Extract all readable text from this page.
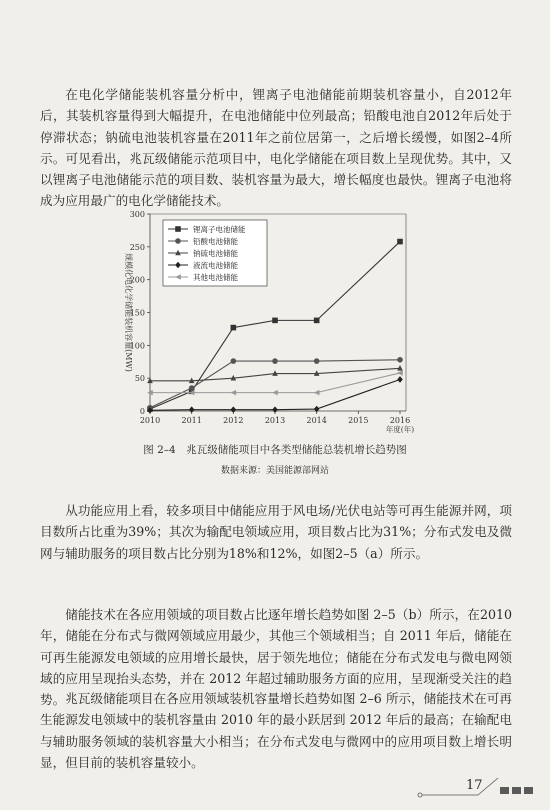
在电化学储能装机容量分析中，锂离子电池储能前期装机容量小，自2012年后，其装机容量得到大幅提升，在电池储能中位列最高；铅酸电池自2012年后处于停滞状态；钠硫电池装机容量在2011年之前位居第一，之后增长缓慢，如图2–4所示。可见看出，兆瓦级储能示范项目中，电化学储能在项目数上呈现优势。其中，又以锂离子电池储能示范的项目数、装机容量为最大，增长幅度也最快。锂离子电池将成为应用最广的电化学储能技术。

0
50
100
150
200
250
300
2010	2011	2012	2013	2014	2015	2016
年度(年)
规模化电化学储能装机容量(MW)
锂离子电池储能
铅酸电池储能
钠硫电池储能
液流电池储能
其他电池储能
图 2–4　兆瓦级储能项目中各类型储能总装机增长趋势图
数据来源：美国能源部网站

从功能应用上看，较多项目中储能应用于风电场/光伏电站等可再生能源并网，项目数所占比重为39%；其次为输配电领域应用，项目数占比为31%；分布式发电及微网与辅助服务的项目数占比分别为18%和12%，如图2–5（a）所示。

储能技术在各应用领域的项目数占比逐年增长趋势如图 2–5（b）所示，在2010 年，储能在分布式与微网领域应用最少，其他三个领域相当；自 2011 年后，储能在可再生能源发电领域的应用增长最快，居于领先地位；储能在分布式发电与微电网领域的应用呈现抬头态势，并在 2012 年超过辅助服务方面的应用，呈现渐受关注的趋势。 兆瓦级储能项目在各应用领域装机容量增长趋势如图 2–6 所示，储能技术在可再生能源发电领域中的装机容量由 2010 年的最小跃居到 2012 年后的最高；在输配电与辅助服务领域的装机容量大小相当；在分布式发电与微网中的应用项目数上增长明显，但目前的装机容量较小。

17
